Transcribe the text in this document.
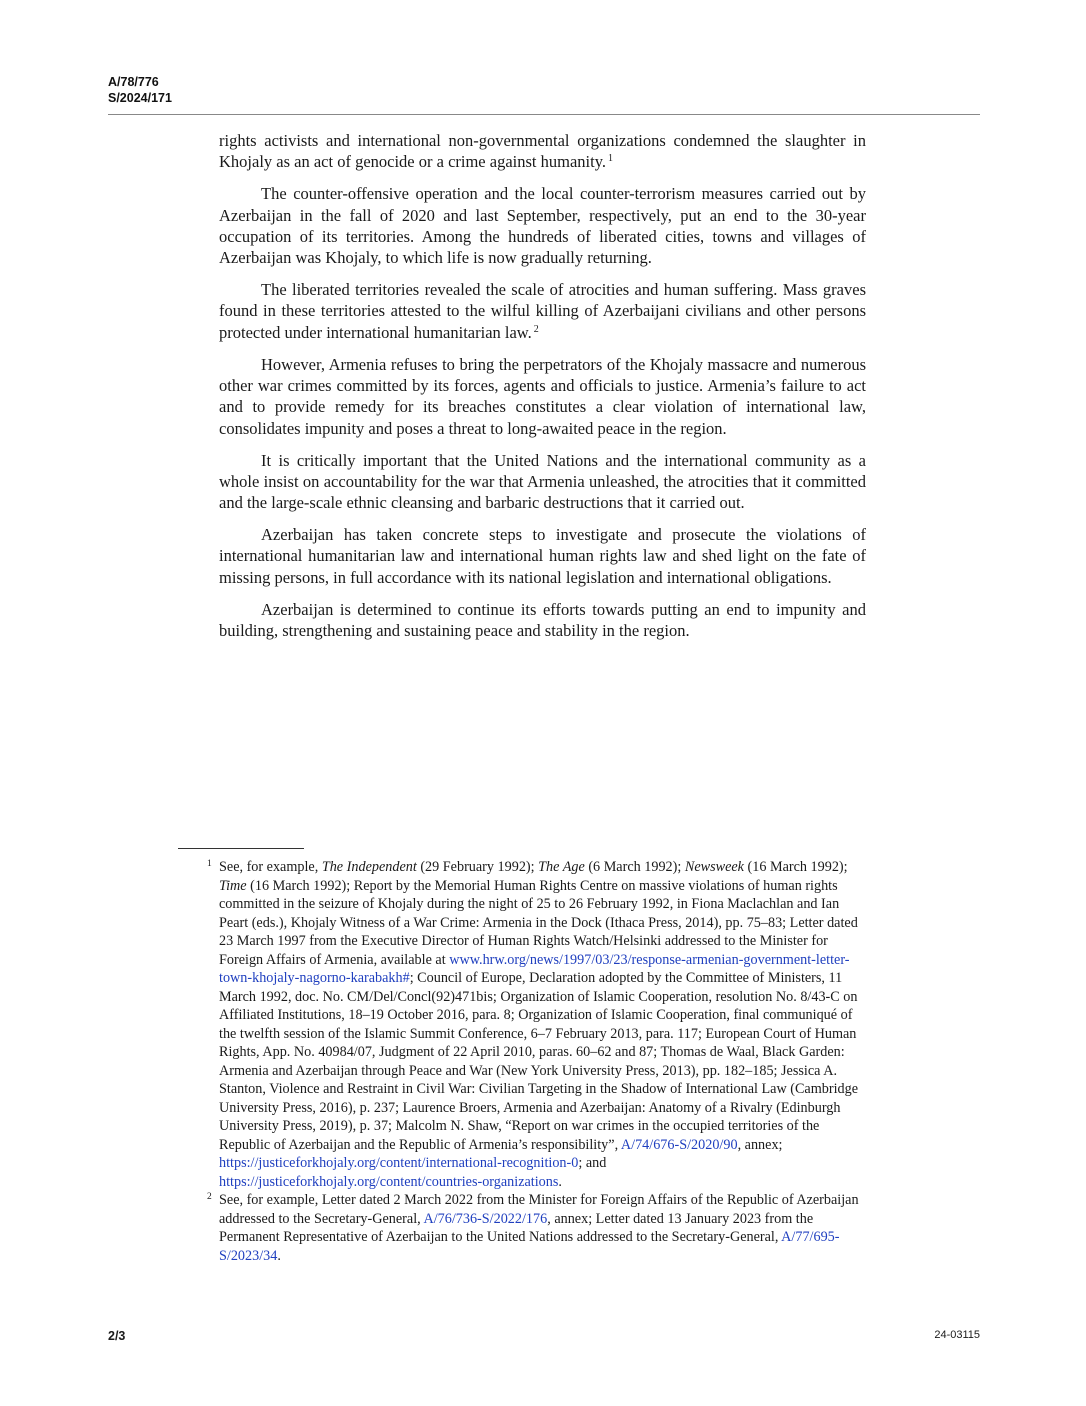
A/78/776
S/2024/171

rights activists and international non-governmental organizations condemned the slaughter in Khojaly as an act of genocide or a crime against humanity. $^1$

The counter-offensive operation and the local counter-terrorism measures carried out by Azerbaijan in the fall of 2020 and last September, respectively, put an end to the 30-year occupation of its territories. Among the hundreds of liberated cities, towns and villages of Azerbaijan was Khojaly, to which life is now gradually returning.

The liberated territories revealed the scale of atrocities and human suffering. Mass graves found in these territories attested to the wilful killing of Azerbaijani civilians and other persons protected under international humanitarian law. $^2$

However, Armenia refuses to bring the perpetrators of the Khojaly massacre and numerous other war crimes committed by its forces, agents and officials to justice. Armenia’s failure to act and to provide remedy for its breaches constitutes a clear violation of international law, consolidates impunity and poses a threat to long-awaited peace in the region.

It is critically important that the United Nations and the international community as a whole insist on accountability for the war that Armenia unleashed, the atrocities that it committed and the large-scale ethnic cleansing and barbaric destructions that it carried out.

Azerbaijan has taken concrete steps to investigate and prosecute the violations of international humanitarian law and international human rights law and shed light on the fate of missing persons, in full accordance with its national legislation and international obligations.

Azerbaijan is determined to continue its efforts towards putting an end to impunity and building, strengthening and sustaining peace and stability in the region.

1 See, for example, The Independent (29 February 1992); The Age (6 March 1992); Newsweek (16 March 1992); Time (16 March 1992); Report by the Memorial Human Rights Centre on massive violations of human rights committed in the seizure of Khojaly during the night of 25 to 26 February 1992, in Fiona Maclachlan and Ian Peart (eds.), Khojaly Witness of a War Crime: Armenia in the Dock (Ithaca Press, 2014), pp. 75–83; Letter dated 23 March 1997 from the Executive Director of Human Rights Watch/Helsinki addressed to the Minister for Foreign Affairs of Armenia, available at www.hrw.org/news/1997/03/23/response-armenian-government-letter-town-khojaly-nagorno-karabakh#; Council of Europe, Declaration adopted by the Committee of Ministers, 11 March 1992, doc. No. CM/Del/Concl(92)471bis; Organization of Islamic Cooperation, resolution No. 8/43-C on Affiliated Institutions, 18–19 October 2016, para. 8; Organization of Islamic Cooperation, final communiqué of the twelfth session of the Islamic Summit Conference, 6–7 February 2013, para. 117; European Court of Human Rights, App. No. 40984/07, Judgment of 22 April 2010, paras. 60–62 and 87; Thomas de Waal, Black Garden: Armenia and Azerbaijan through Peace and War (New York University Press, 2013), pp. 182–185; Jessica A. Stanton, Violence and Restraint in Civil War: Civilian Targeting in the Shadow of International Law (Cambridge University Press, 2016), p. 237; Laurence Broers, Armenia and Azerbaijan: Anatomy of a Rivalry (Edinburgh University Press, 2019), p. 37; Malcolm N. Shaw, “Report on war crimes in the occupied territories of the Republic of Azerbaijan and the Republic of Armenia’s responsibility”, A/74/676-S/2020/90, annex; https://justiceforkhojaly.org/content/international-recognition-0; and https://justiceforkhojaly.org/content/countries-organizations.
2 See, for example, Letter dated 2 March 2022 from the Minister for Foreign Affairs of the Republic of Azerbaijan addressed to the Secretary-General, A/76/736-S/2022/176, annex; Letter dated 13 January 2023 from the Permanent Representative of Azerbaijan to the United Nations addressed to the Secretary-General, A/77/695-S/2023/34.
2/3	24-03115
